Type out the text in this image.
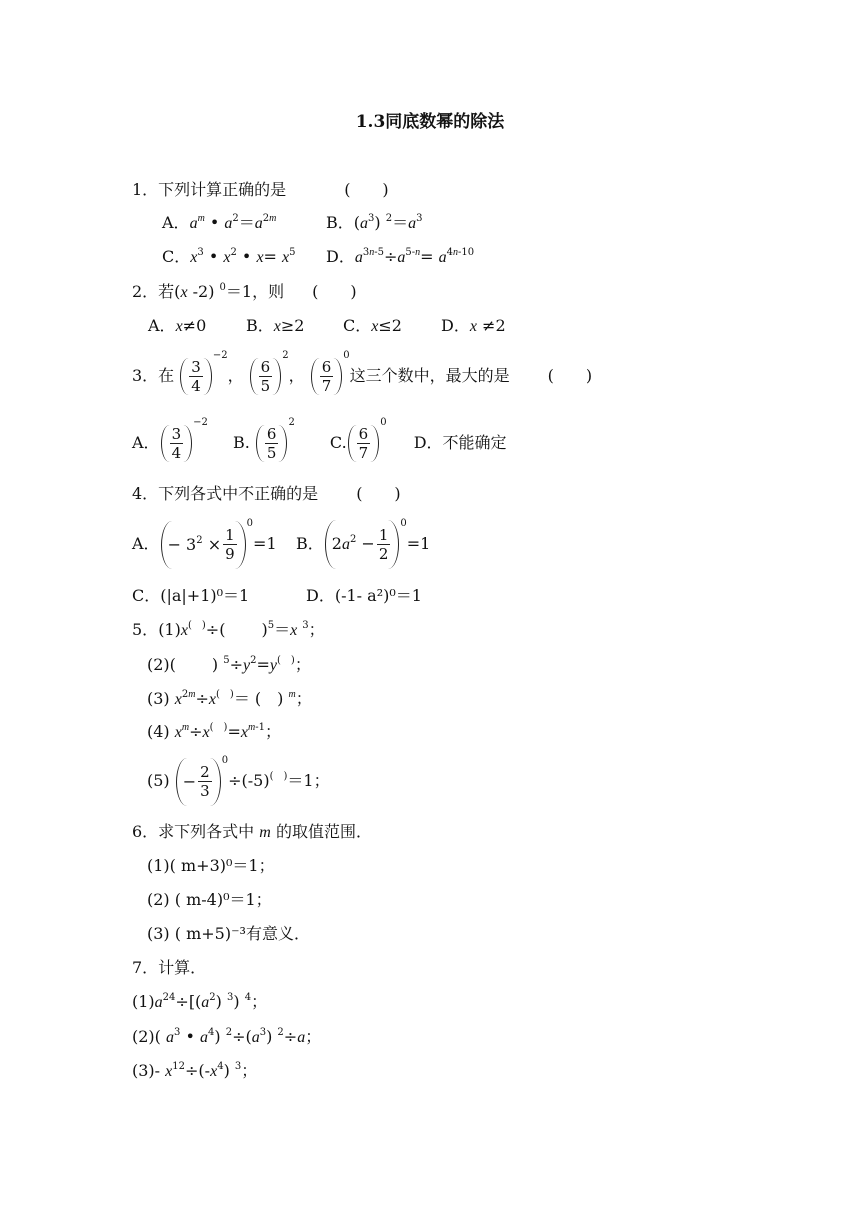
1.3同底数幂的除法
1．下列计算正确的是	(　　)
A．$a^m$ • $a^2=a^{2m}$	B．$(a^3)$ $^2=a^3$
C．$x^3$ • $x^2$ • $x= x^5$ D．$a^{3n-5}\div a^{5-n}= a^{4n-10}$
2．若(x -2) $^0$＝1，则 (　　)
A．x≠0 B．x≥2 C．x≤2 D．x ≠2
3．在 $\frac{3}{4}$
−2， $\frac{6}{5}$
2， $\frac{6}{7}$
0这三个数中，最大的是 (　　)
A． $\frac{3}{4}$
−2 B. $\frac{6}{5}$
2 C. $\frac{6}{7}$
0 D．不能确定
4．下列各式中不正确的是 (　　)
A． − $3^2 \times \frac{1}{9}$
0=1 B． $2a^2 - \frac{1}{2}$
0=1
C．(|a|+1)⁰＝1	D．(-1- a²)⁰＝1
5．(1)x(　)÷( )$^5$＝x $^3$；
(2)( ) $^5\div y^2=y^{( )}$；
(3) $x^{2m}\div x^{( )}=$ (　) $^m$；
(4) $x^m\div x^{( )}=x^{m-1}$；
$(5) - \frac{2}{3}$
0÷(-5)(　)＝1；
6．求下列各式中 m 的取值范围．
(1)( m+3)⁰＝1；
(2) ( m-4)⁰＝1；
(3) ( m+5)⁻³有意义．
7．计算．
$(1)a^{24}\div[(a^2)$ $^3$) $^4$；
(2)( $a^3$ • $a^4$) $^2\div(a^3)$ $^2$÷a；
(3)- $x^{12}\div(-x^4)$ $^3$；
